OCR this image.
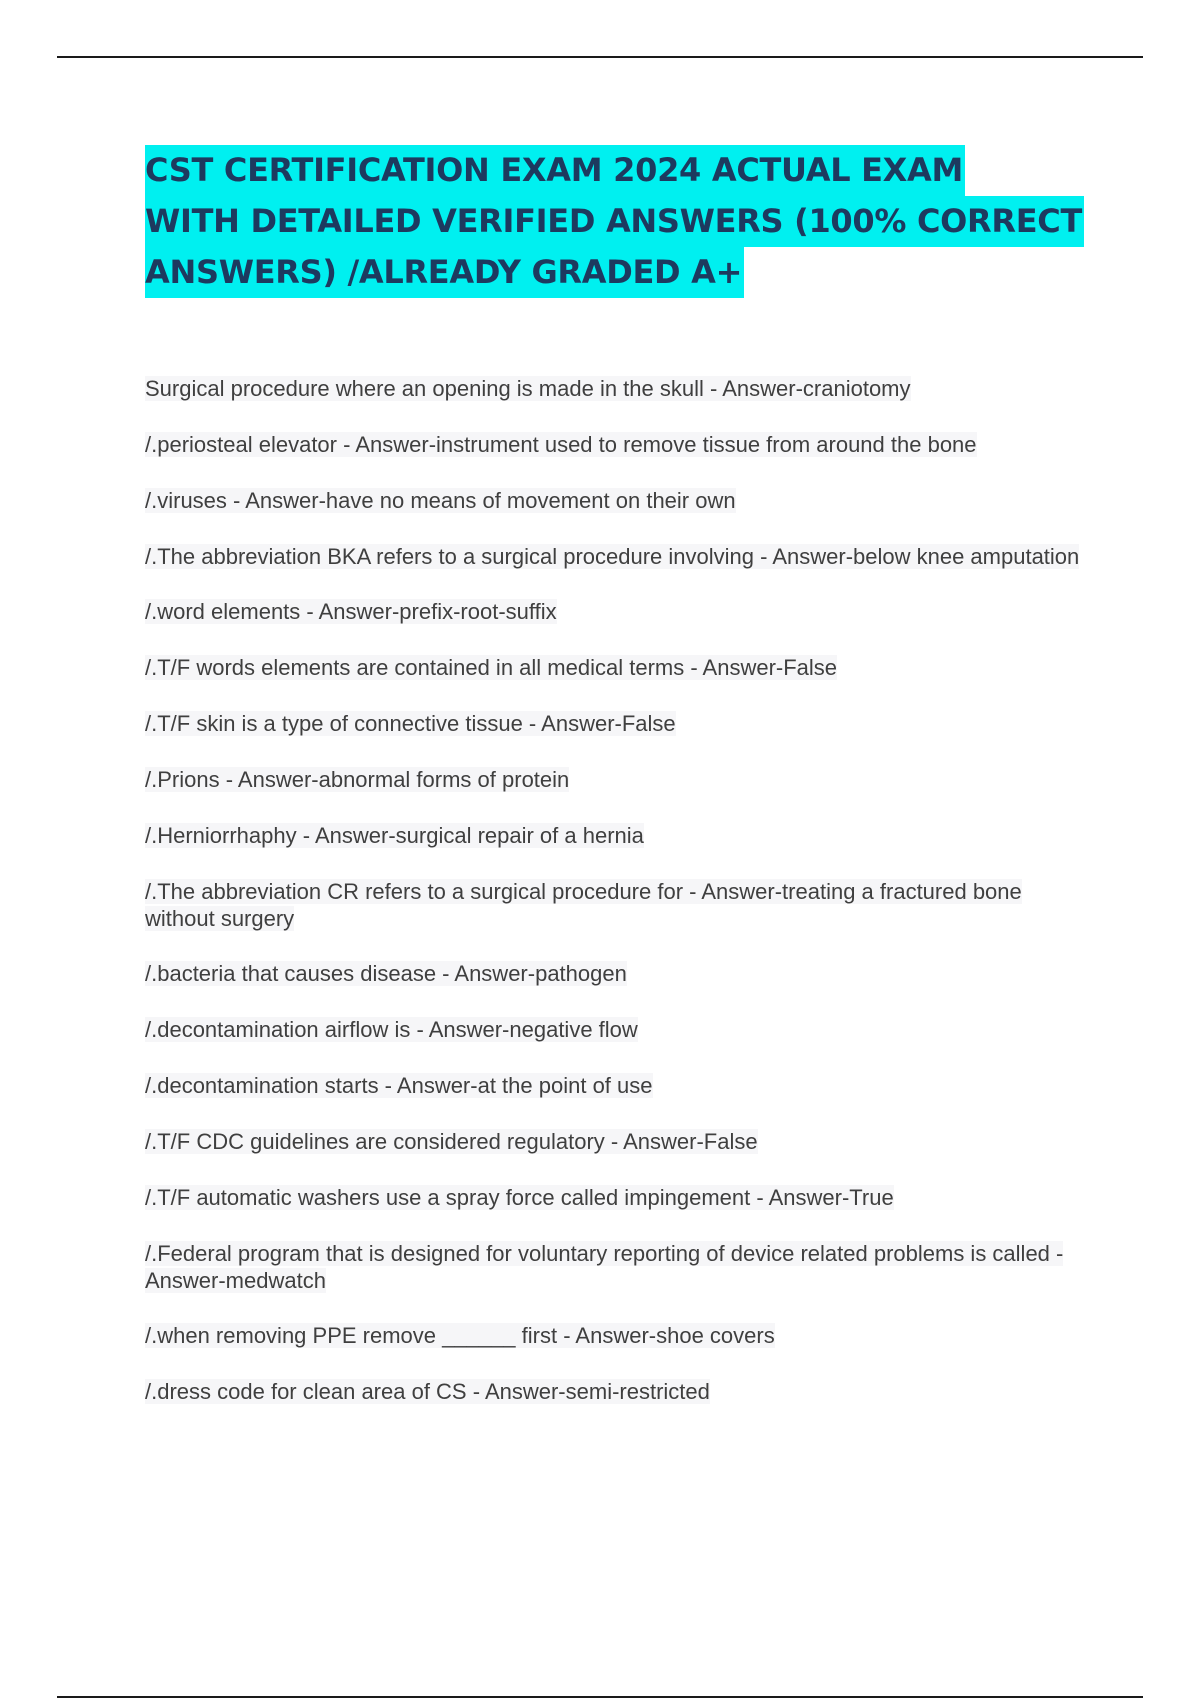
CST CERTIFICATION EXAM 2024 ACTUAL EXAM
WITH DETAILED VERIFIED ANSWERS (100% CORRECT
ANSWERS) /ALREADY GRADED A+
Surgical procedure where an opening is made in the skull - Answer-craniotomy
/.periosteal elevator - Answer-instrument used to remove tissue from around the bone
/.viruses - Answer-have no means of movement on their own
/.The abbreviation BKA refers to a surgical procedure involving - Answer-below knee amputation
/.word elements - Answer-prefix-root-suffix
/.T/F words elements are contained in all medical terms - Answer-False
/.T/F skin is a type of connective tissue - Answer-False
/.Prions - Answer-abnormal forms of protein
/.Herniorrhaphy - Answer-surgical repair of a hernia
/.The abbreviation CR refers to a surgical procedure for - Answer-treating a fractured bone without surgery
/.bacteria that causes disease - Answer-pathogen
/.decontamination airflow is - Answer-negative flow
/.decontamination starts - Answer-at the point of use
/.T/F CDC guidelines are considered regulatory - Answer-False
/.T/F automatic washers use a spray force called impingement - Answer-True
/.Federal program that is designed for voluntary reporting of device related problems is called - Answer-medwatch
/.when removing PPE remove ______ first - Answer-shoe covers
/.dress code for clean area of CS - Answer-semi-restricted
